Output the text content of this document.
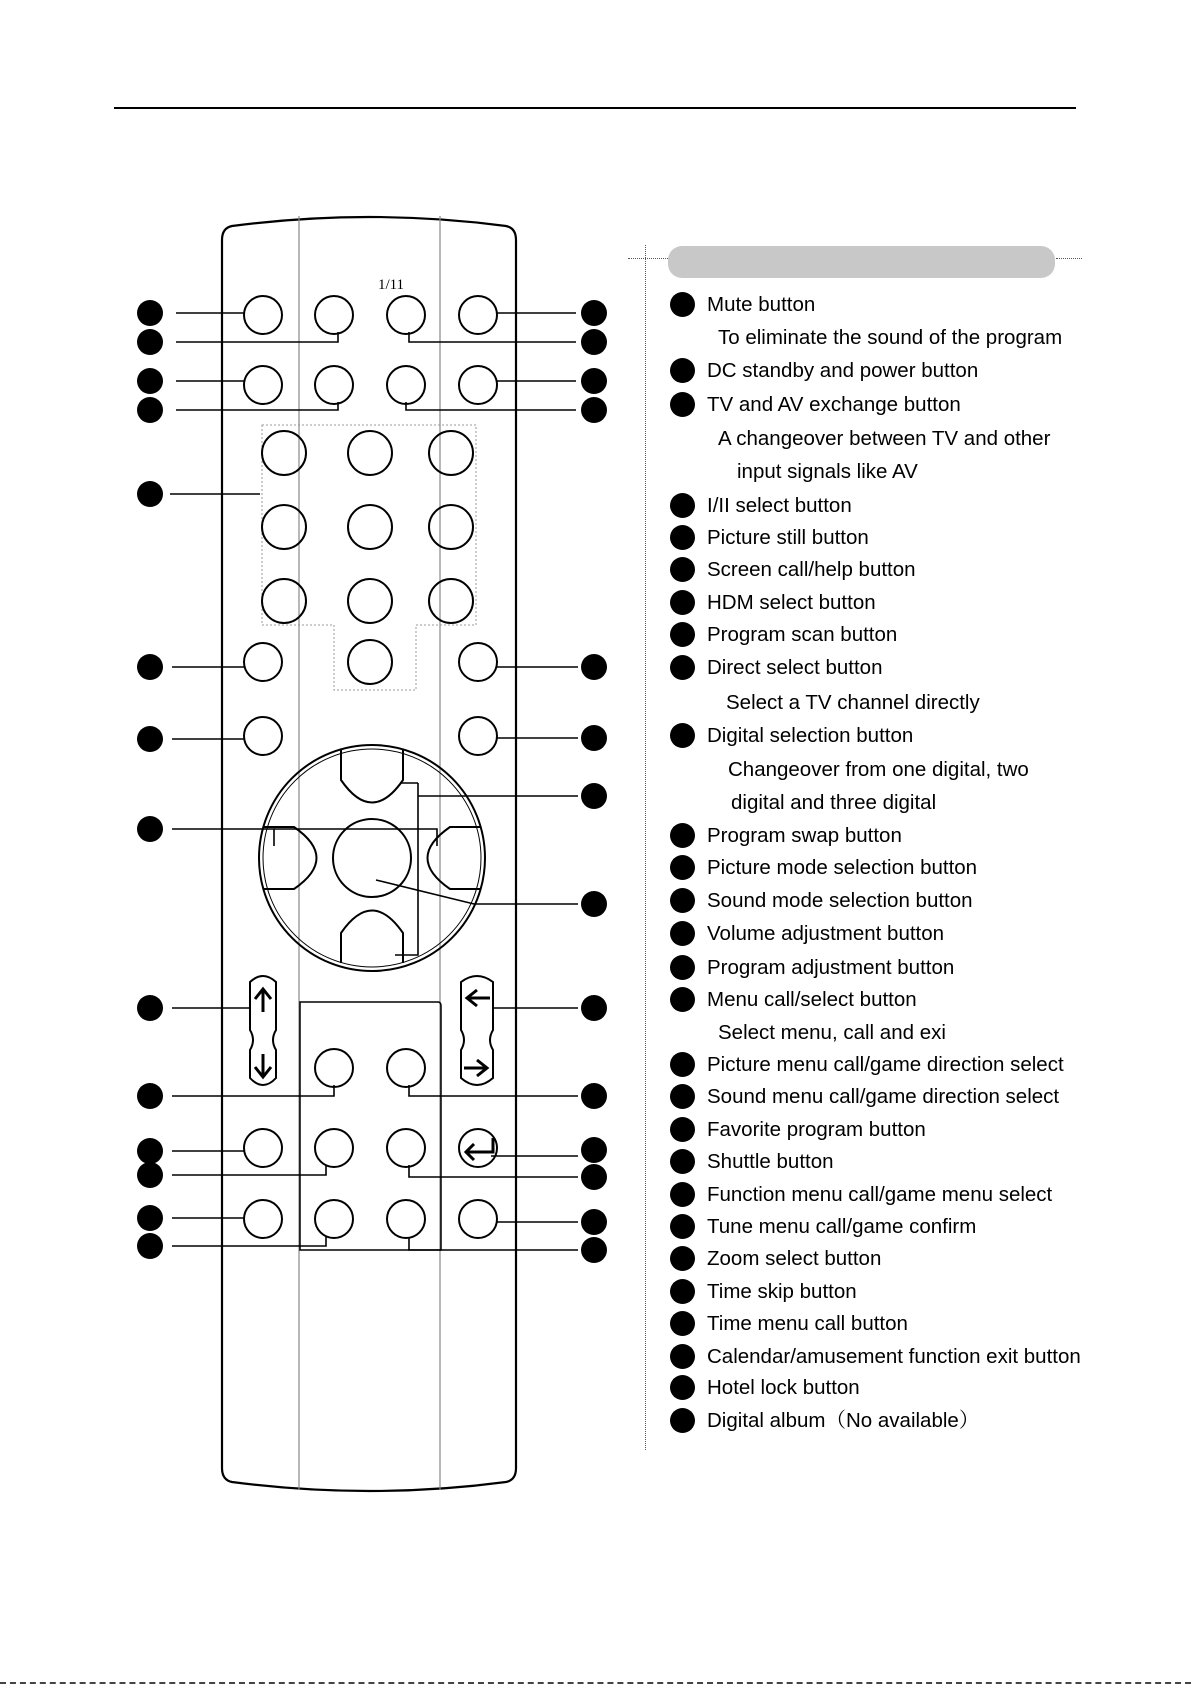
1/11
Mute button
To eliminate the sound of the program
DC standby and power button
TV and AV exchange button
A changeover between TV and other
input signals like AV
I/II select button
Picture still button
Screen call/help button
HDM select button
Program scan button
Direct select button
Select a TV channel directly
Digital selection button
Changeover from one digital, two
digital and three digital
Program swap button
Picture mode selection button
Sound mode selection button
Volume adjustment button
Program adjustment button
Menu call/select button
Select menu, call and exi
Picture menu call/game direction select
Sound menu call/game direction select
Favorite program button
Shuttle button
Function menu call/game menu select
Tune menu call/game confirm
Zoom select button
Time skip button
Time menu call button
Calendar/amusement function exit button
Hotel lock button
Digital album（No available）
